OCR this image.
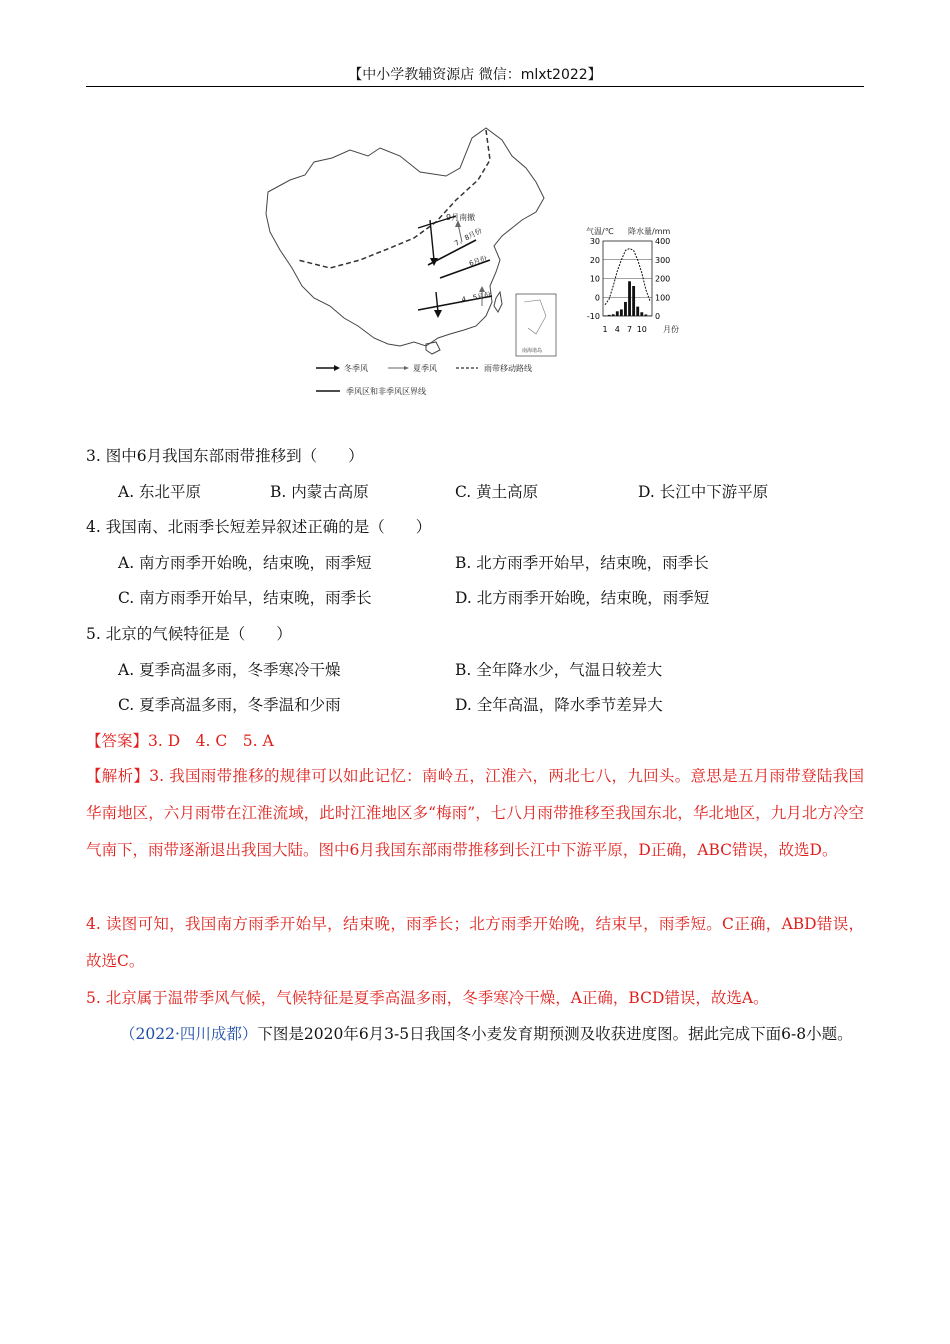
【中小学教辅资源店 微信：mlxt2022】
9月南撤
7、8月份
6月份
4、5月份
南海诸岛
冬季风	夏季风	雨带移动路线
季风区和非季风区界线
气温/℃ 降水量/mm
30
20
10
0
-10
400
300
200
100
0
1 4 7 10 月份
3. 图中6月我国东部雨带推移到（　　）
A. 东北平原	B. 内蒙古高原	C. 黄土高原	D. 长江中下游平原
4. 我国南、北雨季长短差异叙述正确的是（　　）
A. 南方雨季开始晚，结束晚，雨季短	B. 北方雨季开始早，结束晚，雨季长
C. 南方雨季开始早，结束晚，雨季长	D. 北方雨季开始晚，结束晚，雨季短
5. 北京的气候特征是（　　）
A. 夏季高温多雨，冬季寒冷干燥	B. 全年降水少，气温日较差大
C. 夏季高温多雨，冬季温和少雨	D. 全年高温，降水季节差异大
【答案】3. D　4. C　5. A
【解析】3. 我国雨带推移的规律可以如此记忆：南岭五，江淮六，两北七八，九回头。意思是五月雨带登陆我国华南地区，六月雨带在江淮流域，此时江淮地区多“梅雨”，七八月雨带推移至我国东北，华北地区，九月北方冷空气南下，雨带逐渐退出我国大陆。图中6月我国东部雨带推移到长江中下游平原，D正确，ABC错误，故选D。
4. 读图可知，我国南方雨季开始早，结束晚，雨季长；北方雨季开始晚，结束早，雨季短。C正确，ABD错误，故选C。
5. 北京属于温带季风气候，气候特征是夏季高温多雨，冬季寒冷干燥，A正确，BCD错误，故选A。
（2022·四川成都）下图是2020年6月3-5日我国冬小麦发育期预测及收获进度图。据此完成下面6-8小题。
